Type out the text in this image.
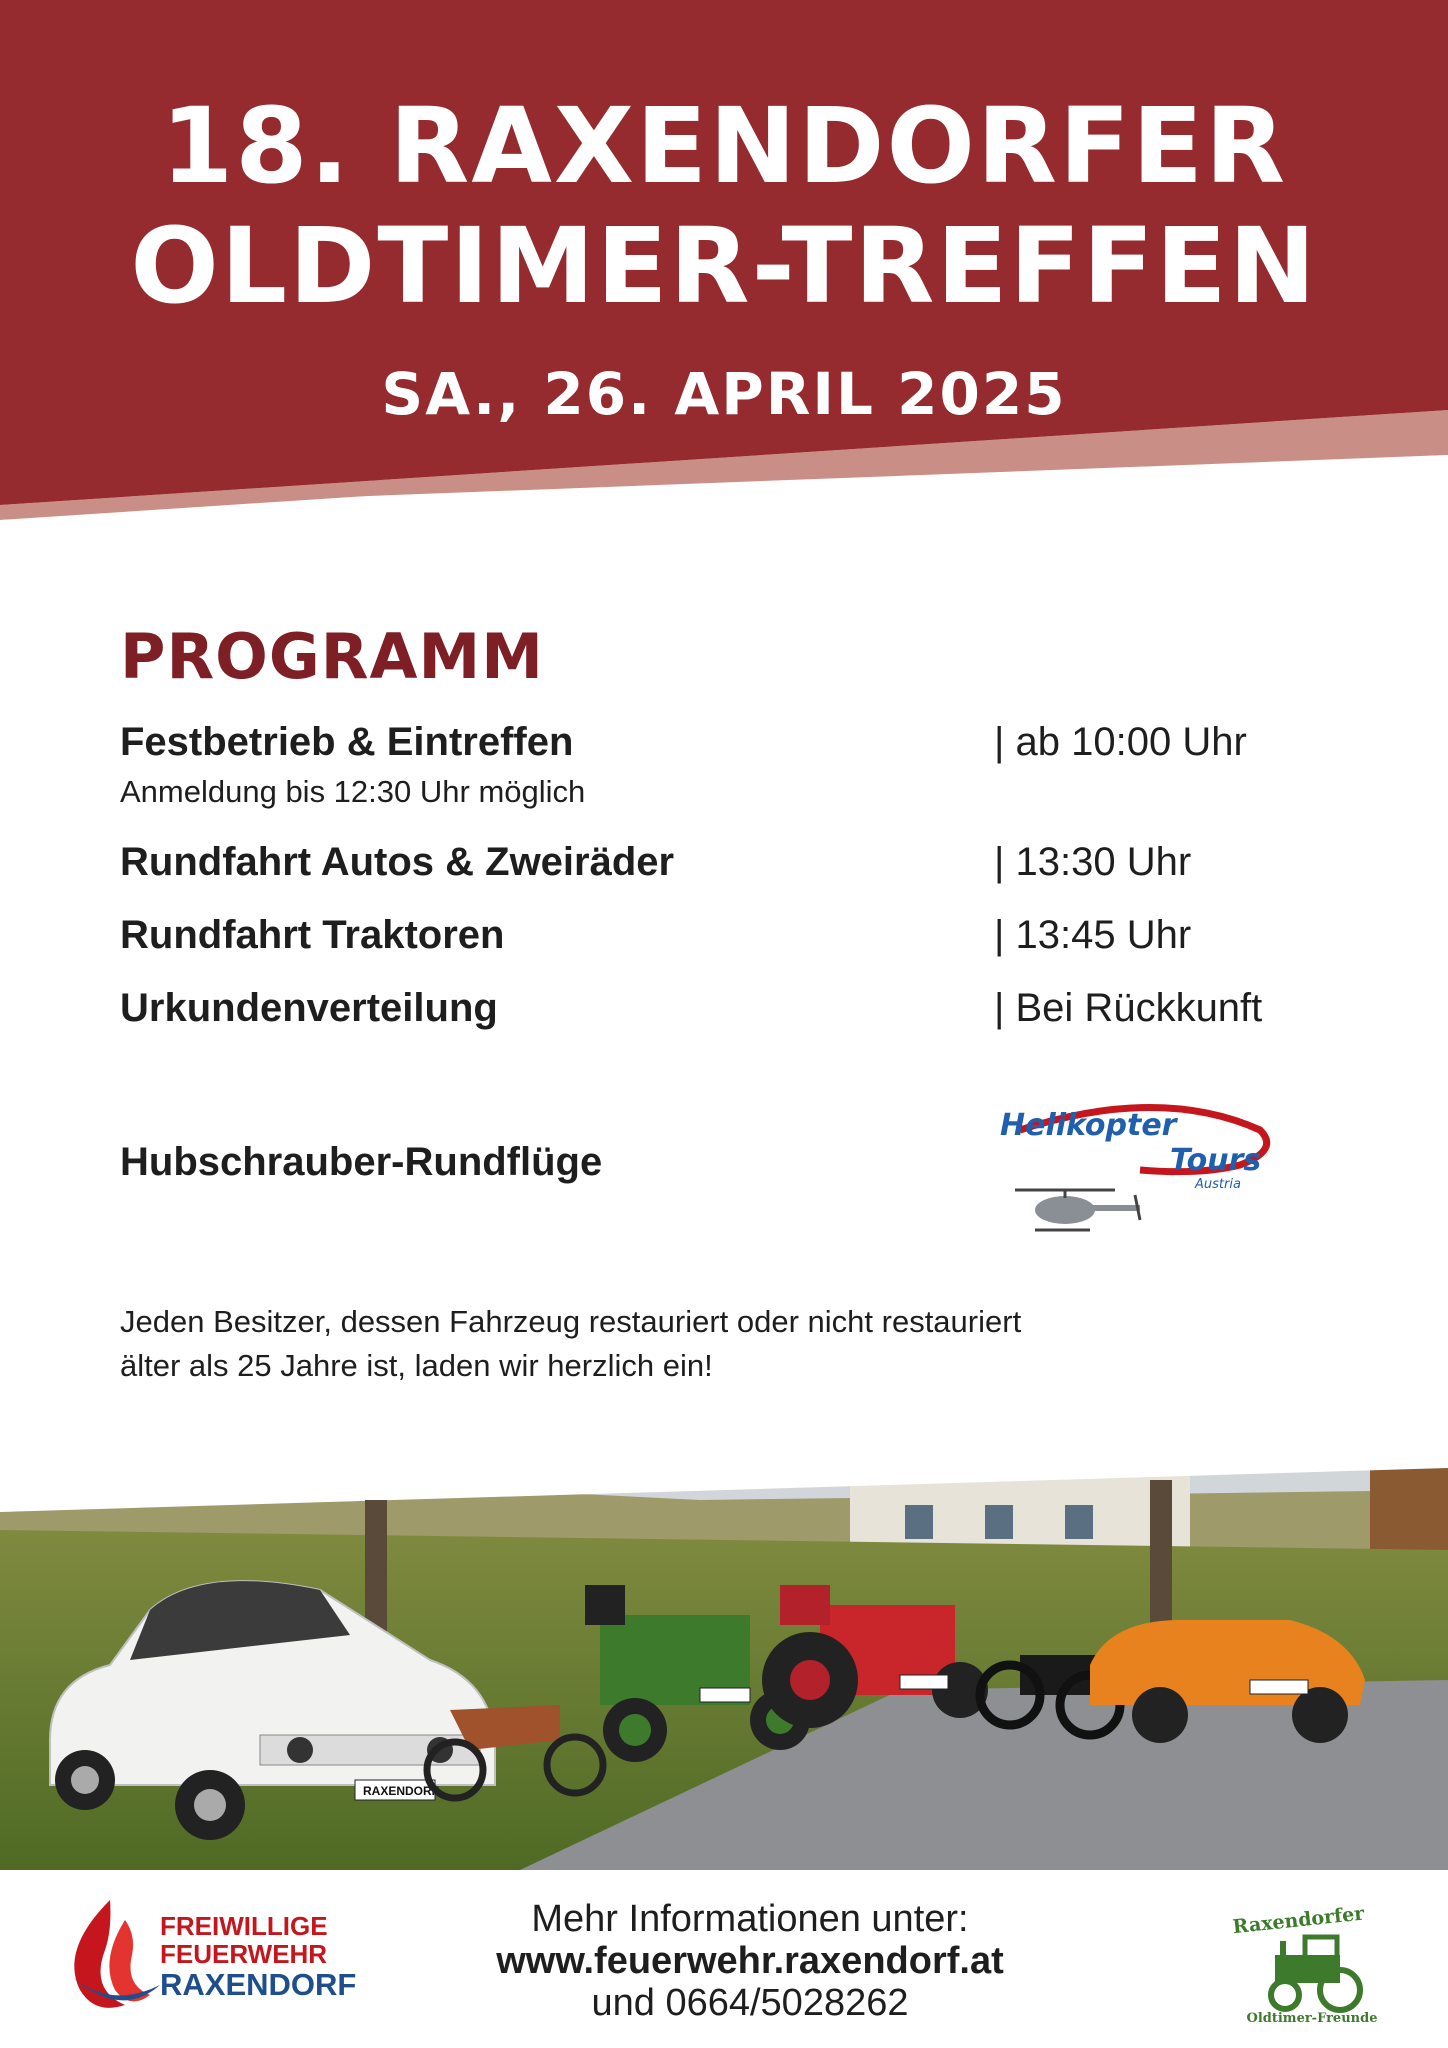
18. RAXENDORFER
OLDTIMER-TREFFEN
SA., 26. APRIL 2025
PROGRAMM
Festbetrieb & Eintreffen
Anmeldung bis 12:30 Uhr möglich
| ab 10:00 Uhr
Rundfahrt Autos & Zweiräder	| 13:30 Uhr
Rundfahrt Traktoren	| 13:45 Uhr
Urkundenverteilung	| Bei Rückkunft
Hubschrauber-Rundflüge
Helikopter
Tours
Austria
Jeden Besitzer, dessen Fahrzeug restauriert oder nicht restauriert
älter als 25 Jahre ist, laden wir herzlich ein!
RAXENDORF
FREIWILLIGE
FEUERWEHR
RAXENDORF
Mehr Informationen unter:
www.feuerwehr.raxendorf.at
und 0664/5028262
Raxendorfer
Oldtimer-Freunde
